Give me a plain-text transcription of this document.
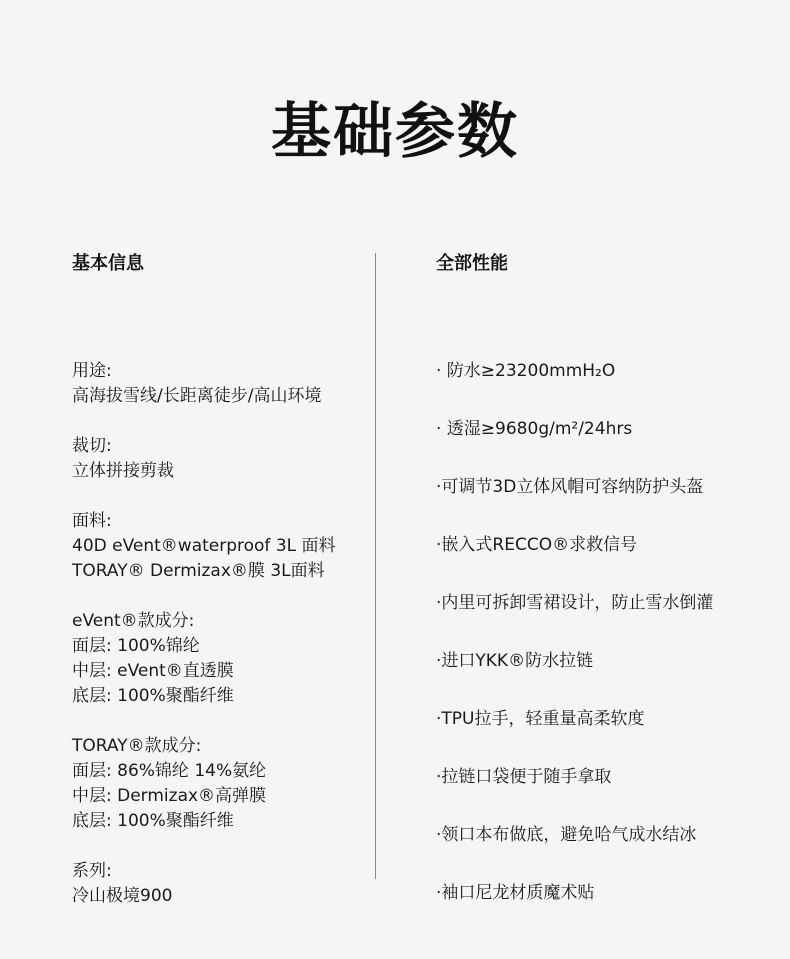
基础参数
基本信息
用途:
高海拔雪线/长距离徒步/高山环境
裁切:
立体拼接剪裁
面料:
40D eVent®waterproof 3L 面料
TORAY® Dermizax®膜 3L面料
eVent®款成分:
面层: 100%锦纶
中层: eVent®直透膜
底层: 100%聚酯纤维
TORAY®款成分:
面层: 86%锦纶 14%氨纶
中层: Dermizax®高弹膜
底层: 100%聚酯纤维
系列:
冷山极境900
全部性能
· 防水≥23200mmH₂O
· 透湿≥9680g/m²/24hrs
·可调节3D立体风帽可容纳防护头盔
·嵌入式RECCO®求救信号
·内里可拆卸雪裙设计，防止雪水倒灌
·进口YKK®防水拉链
·TPU拉手，轻重量高柔软度
·拉链口袋便于随手拿取
·领口本布做底，避免哈气成水结冰
·袖口尼龙材质魔术贴
